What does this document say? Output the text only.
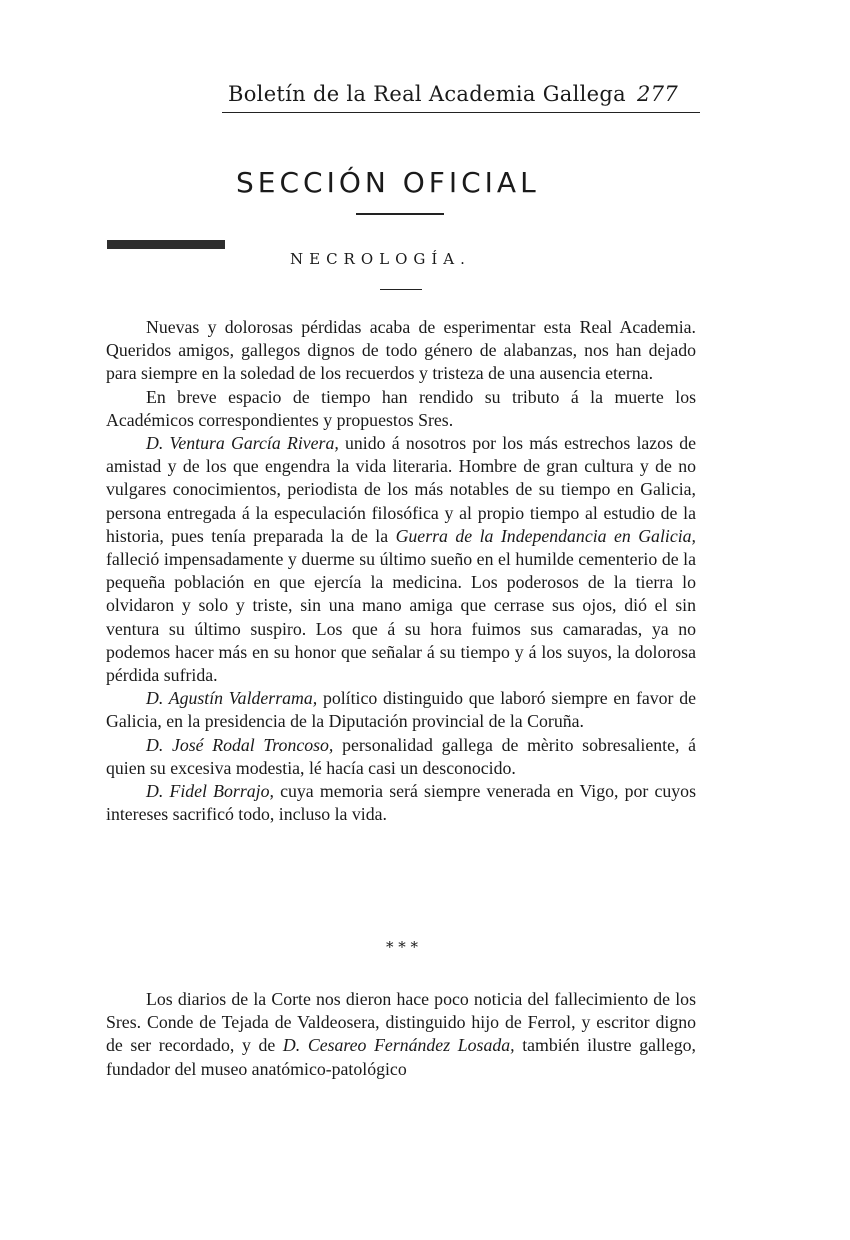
Boletín de la Real Academia Gallega 277
SECCIÓN OFICIAL
NECROLOGÍA.

Nuevas y dolorosas pérdidas acaba de esperimentar esta Real Academia. Queridos amigos, gallegos dignos de todo género de alabanzas, nos han dejado para siempre en la soledad de los recuerdos y tristeza de una ausencia eterna.

En breve espacio de tiempo han rendido su tributo á la muerte los Académicos correspondientes y propuestos Sres.

D. Ventura García Rivera, unido á nosotros por los más estrechos lazos de amistad y de los que engendra la vida literaria. Hombre de gran cultura y de no vulgares conocimientos, periodista de los más notables de su tiempo en Galicia, persona entregada á la especulación filosófica y al propio tiempo al estudio de la historia, pues tenía preparada la de la Guerra de la Independancia en Galicia, falleció impensadamente y duerme su último sueño en el humilde cementerio de la pequeña población en que ejercía la medicina. Los poderosos de la tierra lo olvidaron y solo y triste, sin una mano amiga que cerrase sus ojos, dió el sin ventura su último suspiro. Los que á su hora fuimos sus camaradas, ya no podemos hacer más en su honor que señalar á su tiempo y á los suyos, la dolorosa pérdida sufrida.

D. Agustín Valderrama, político distinguido que laboró siempre en favor de Galicia, en la presidencia de la Diputación provincial de la Coruña.

D. José Rodal Troncoso, personalidad gallega de mèrito sobresaliente, á quien su excesiva modestia, lé hacía casi un desconocido.

D. Fidel Borrajo, cuya memoria será siempre venerada en Vigo, por cuyos intereses sacrificó todo, incluso la vida.

* * *

Los diarios de la Corte nos dieron hace poco noticia del fallecimiento de los Sres. Conde de Tejada de Valdeosera, distinguido hijo de Ferrol, y escritor digno de ser recordado, y de D. Cesareo Fernández Losada, también ilustre gallego, fundador del museo anatómico-patológico
